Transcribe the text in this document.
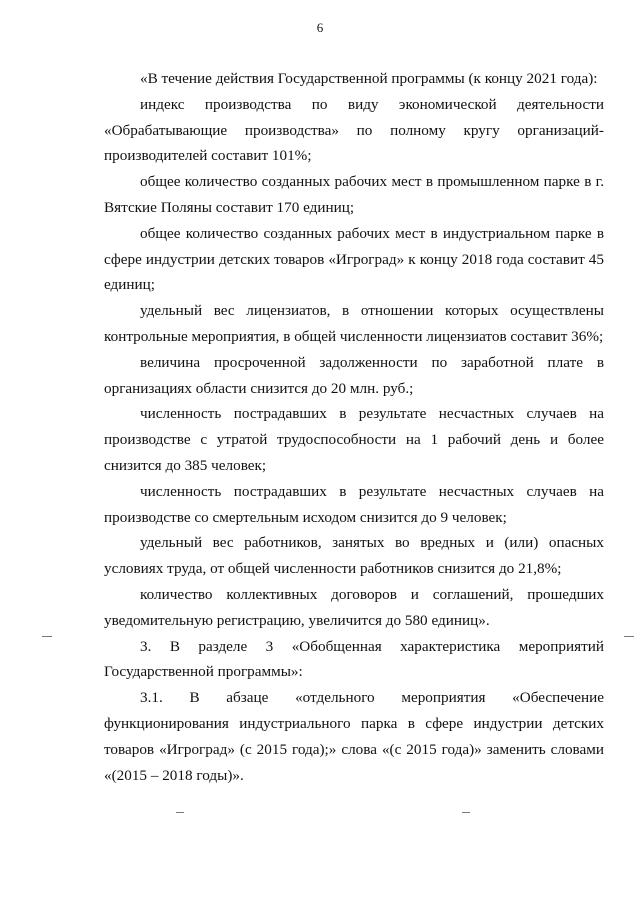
6

«В течение действия Государственной программы (к концу 2021 года):

индекс производства по виду экономической деятельности «Обрабатывающие производства» по полному кругу организаций-производителей составит 101%;

общее количество созданных рабочих мест в промышленном парке в г. Вятские Поляны составит 170 единиц;

общее количество созданных рабочих мест в индустриальном парке в сфере индустрии детских товаров «Игроград» к концу 2018 года составит 45 единиц;

удельный вес лицензиатов, в отношении которых осуществлены контрольные мероприятия, в общей численности лицензиатов составит 36%;

величина просроченной задолженности по заработной плате в организациях области снизится до 20 млн. руб.;

численность пострадавших в результате несчастных случаев на производстве с утратой трудоспособности на 1 рабочий день и более снизится до 385 человек;

численность пострадавших в результате несчастных случаев на производстве со смертельным исходом снизится до 9 человек;

удельный вес работников, занятых во вредных и (или) опасных условиях труда, от общей численности работников снизится до 21,8%;

количество коллективных договоров и соглашений, прошедших уведомительную регистрацию, увеличится до 580 единиц».

3. В разделе 3 «Обобщенная характеристика мероприятий Государственной программы»:

3.1. В абзаце «отдельного мероприятия «Обеспечение функционирования индустриального парка в сфере индустрии детских товаров «Игроград» (с 2015 года);» слова «(с 2015 года)» заменить словами «(2015 – 2018 годы)».
